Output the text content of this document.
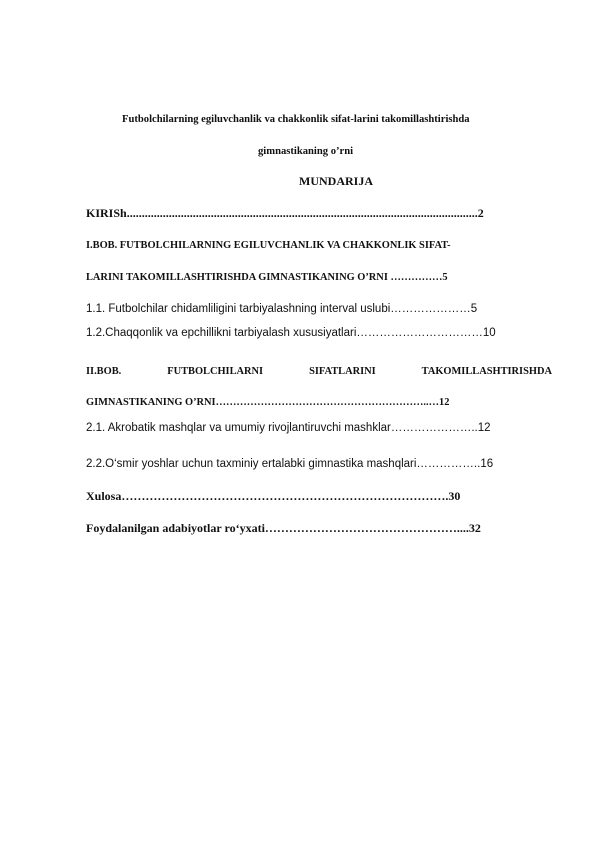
Futbolchilarning egiluvchanlik va chakkonlik sifat-larini takomillashtirishda
gimnastikaning o’rni
MUNDARIJA
KIRISh.....................................................................................................................2
I.BOB. FUTBOLCHILARNING EGILUVCHANLIK VA CHAKKONLIK SIFAT-
LARINI TAKOMILLASHTIRISHDA GIMNASTIKANING O’RNI ……………5
1.1. Futbolchilar chidamliligini tarbiyalashning interval uslubi…………………5
1.2.Chaqqonlik va epchillikni tarbiyalash xususiyatlari……………………………10
II.BOB.	FUTBOLCHILARNI	SIFATLARINI	TAKOMILLASHTIRISHDA
GIMNASTIKANING O’RNI……………………………………………………..…12
2.1. Akrobatik mashqlar va umumiy rivojlantiruvchi mashklar…………………..12
2.2.O‘smir yoshlar uchun taxminiy ertalabki gimnastika mashqlari……………..16
Xulosa……………………………………………………………………….30
Foydalanilgan adabiyotlar ro‘yxati…………………………………………....32
